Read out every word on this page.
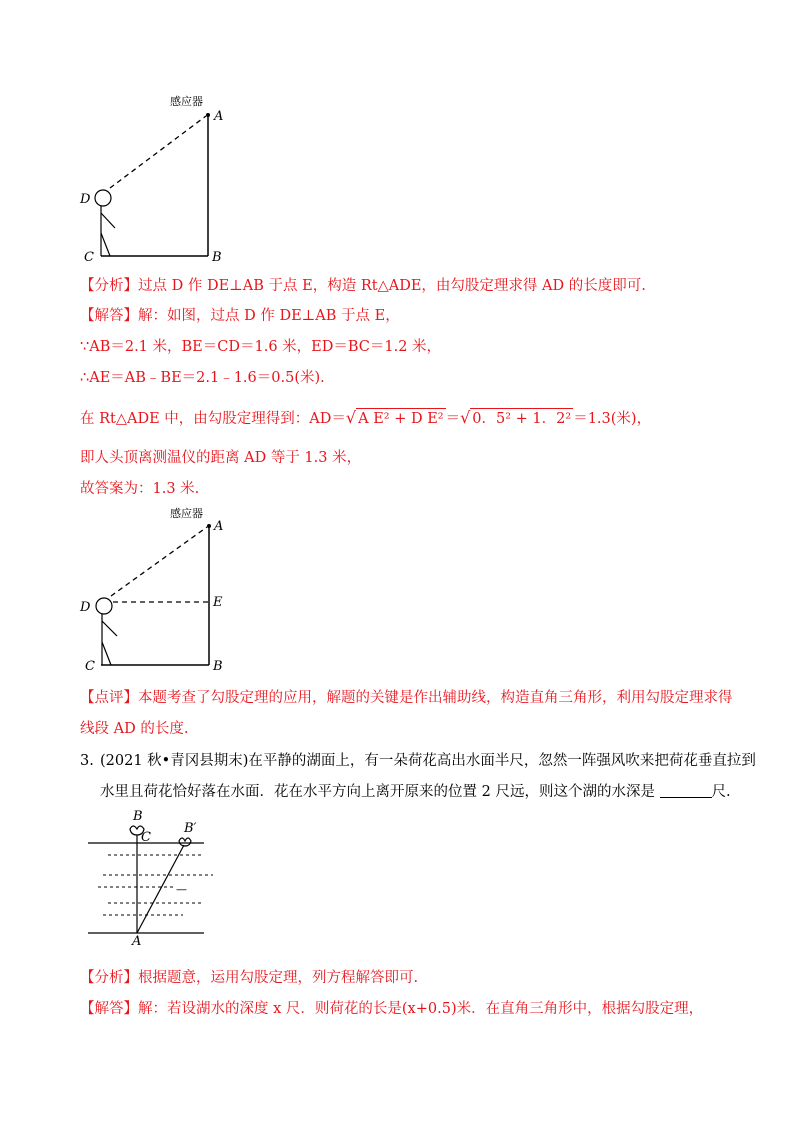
感应器
A
D
C	B
【分析】过点 D 作 DE⊥AB 于点 E，构造 Rt△ADE，由勾股定理求得 AD 的长度即可.
【解答】解：如图，过点 D 作 DE⊥AB 于点 E，
∵AB＝2.1 米，BE＝CD＝1.6 米，ED＝BC＝1.2 米，
∴AE＝AB﹣BE＝2.1﹣1.6＝0.5(米).
在 Rt△ADE 中，由勾股定理得到：AD＝√ A E² + D E² ＝√ 0．5² + 1．2² ＝1.3(米)，
即人头顶离测温仪的距离 AD 等于 1.3 米，
故答案为：1.3 米.
感应器
A
D	E
C	B
【点评】本题考查了勾股定理的应用，解题的关键是作出辅助线，构造直角三角形，利用勾股定理求得
线段 AD 的长度.
3. (2021 秋•青冈县期末)在平静的湖面上，有一朵荷花高出水面半尺，忽然一阵强风吹来把荷花垂直拉到
水里且荷花恰好落在水面．花在水平方向上离开原来的位置 2 尺远，则这个湖的水深是	尺.
B
B′
C
—
A
【分析】根据题意，运用勾股定理，列方程解答即可.
【解答】解：若设湖水的深度 x 尺．则荷花的长是(x+0.5)米．在直角三角形中，根据勾股定理，
